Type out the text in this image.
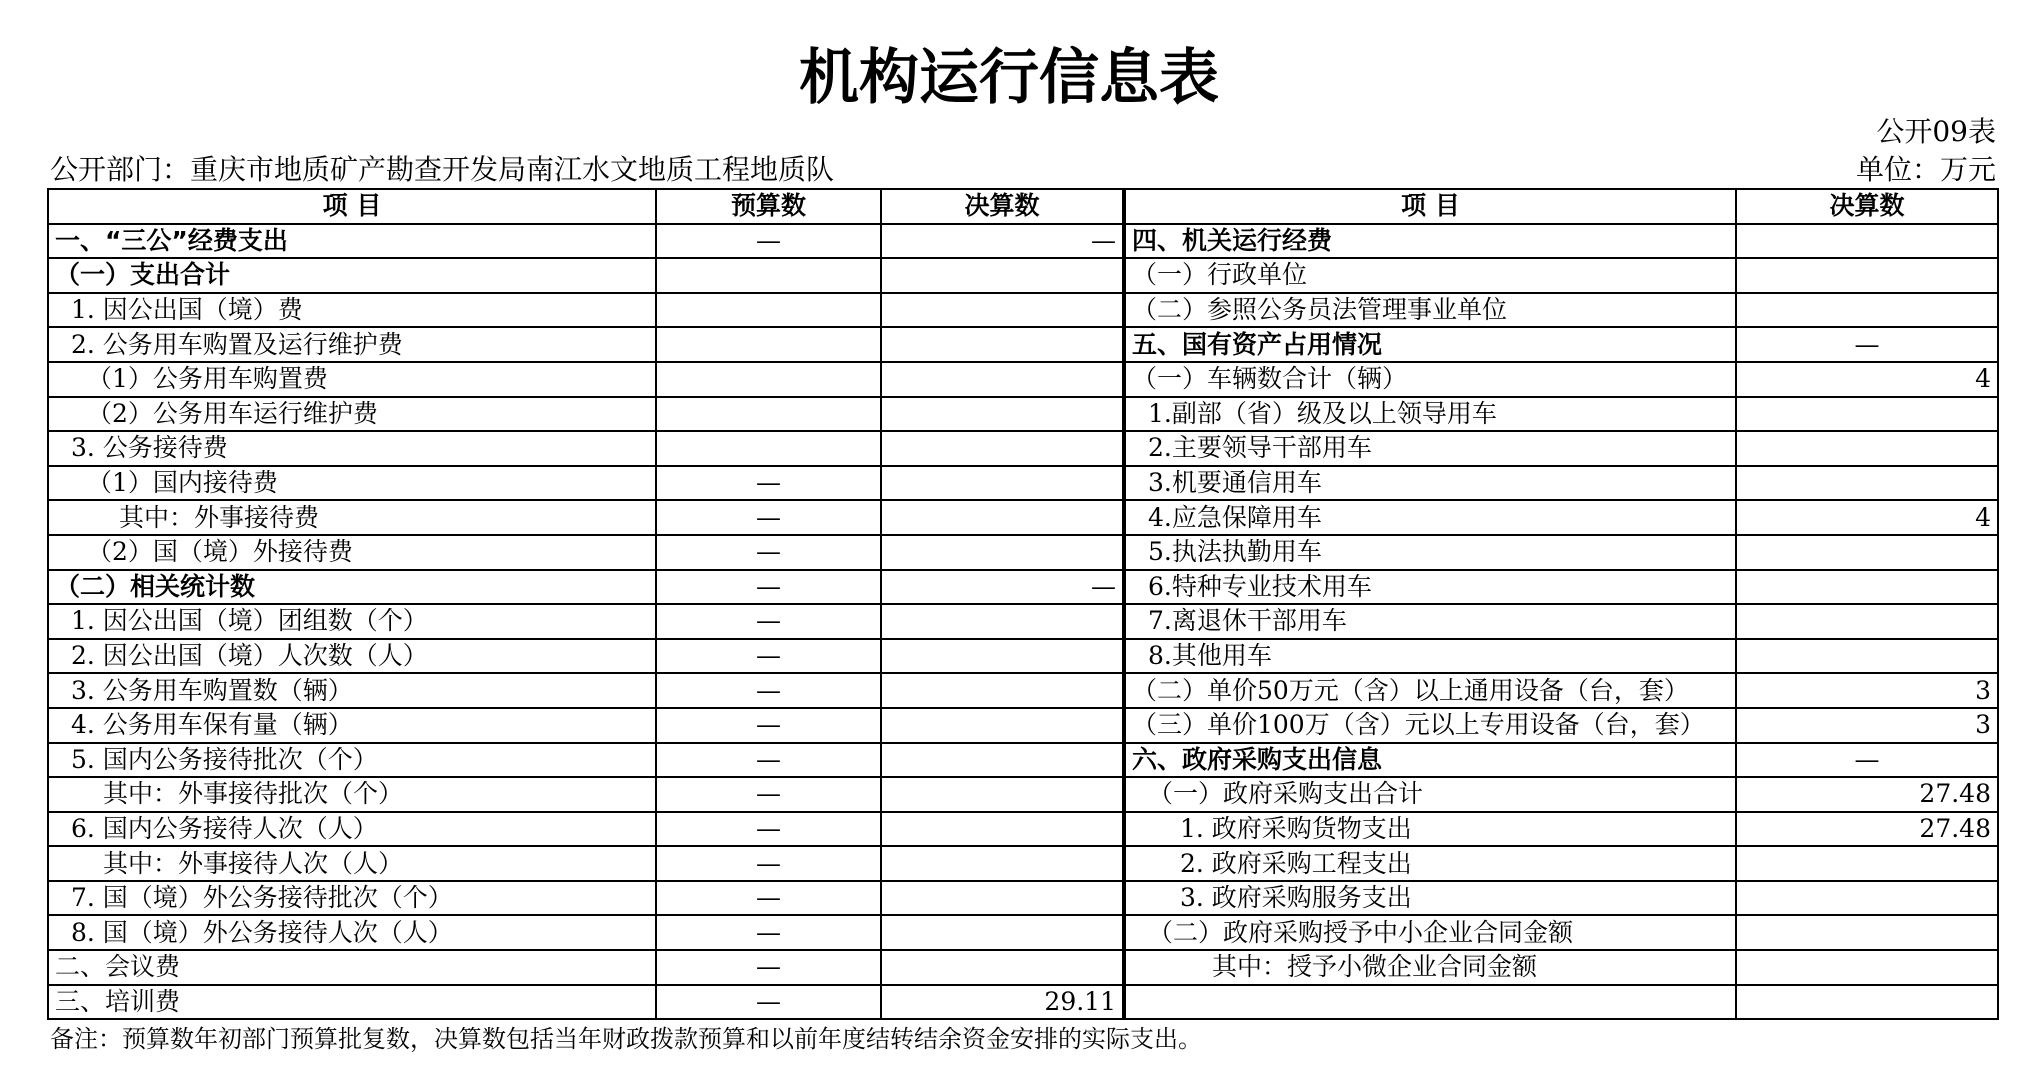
机构运行信息表
公开09表
公开部门：重庆市地质矿产勘查开发局南江水文地质工程地质队	单位：万元
项 目	预算数	决算数	项 目	决算数
一、“三公”经费支出	—	—	四、机关运行经费	
（一）支出合计			（一）行政单位	
1. 因公出国（境）费			（二）参照公务员法管理事业单位	
2. 公务用车购置及运行维护费			五、国有资产占用情况	—
（1）公务用车购置费			（一）车辆数合计（辆）	4
（2）公务用车运行维护费			1.副部（省）级及以上领导用车	
3. 公务接待费			2.主要领导干部用车	
（1）国内接待费	—		3.机要通信用车	
其中：外事接待费	—		4.应急保障用车	4
（2）国（境）外接待费	—		5.执法执勤用车	
（二）相关统计数	—	—	6.特种专业技术用车	
1. 因公出国（境）团组数（个）	—		7.离退休干部用车	
2. 因公出国（境）人次数（人）	—		8.其他用车	
3. 公务用车购置数（辆）	—		（二）单价50万元（含）以上通用设备（台，套）	3
4. 公务用车保有量（辆）	—		（三）单价100万（含）元以上专用设备（台，套）	3
5. 国内公务接待批次（个）	—		六、政府采购支出信息	—
其中：外事接待批次（个）	—		（一）政府采购支出合计	27.48
6. 国内公务接待人次（人）	—		1. 政府采购货物支出	27.48
其中：外事接待人次（人）	—		2. 政府采购工程支出	
7. 国（境）外公务接待批次（个）	—		3. 政府采购服务支出	
8. 国（境）外公务接待人次（人）	—		（二）政府采购授予中小企业合同金额	
二、会议费	—		其中：授予小微企业合同金额	
三、培训费	—	29.11		
备注：预算数年初部门预算批复数，决算数包括当年财政拨款预算和以前年度结转结余资金安排的实际支出。
